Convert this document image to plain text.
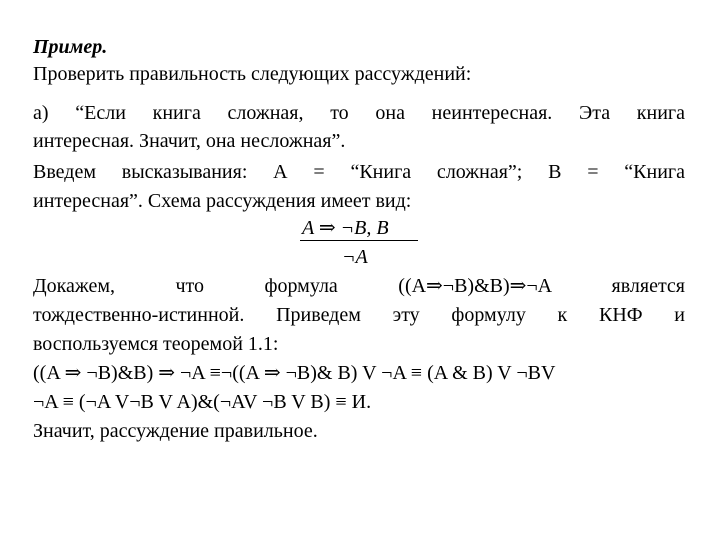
Пример.
Проверить правильность следующих рассуждений:
а) “Если книга сложная, то она неинтересная. Эта книга
интересная. Значит, она несложная”.
Введем высказывания: А = “Книга сложная”; В = “Книга
интересная”. Схема рассуждения имеет вид:
A ⇒ ¬B, B
¬A
Докажем, что формула ((A⇒¬B)&B)⇒¬A является
тождественно-истинной. Приведем эту формулу к КНФ и
воспользуемся теоремой 1.1:
((A ⇒ ¬B)&B) ⇒ ¬A ≡¬((A ⇒ ¬B)& B) V ¬A ≡ (A & B) V ¬BV
¬A ≡ (¬A V¬B V A)&(¬AV ¬B V B) ≡ И.
Значит, рассуждение правильное.
